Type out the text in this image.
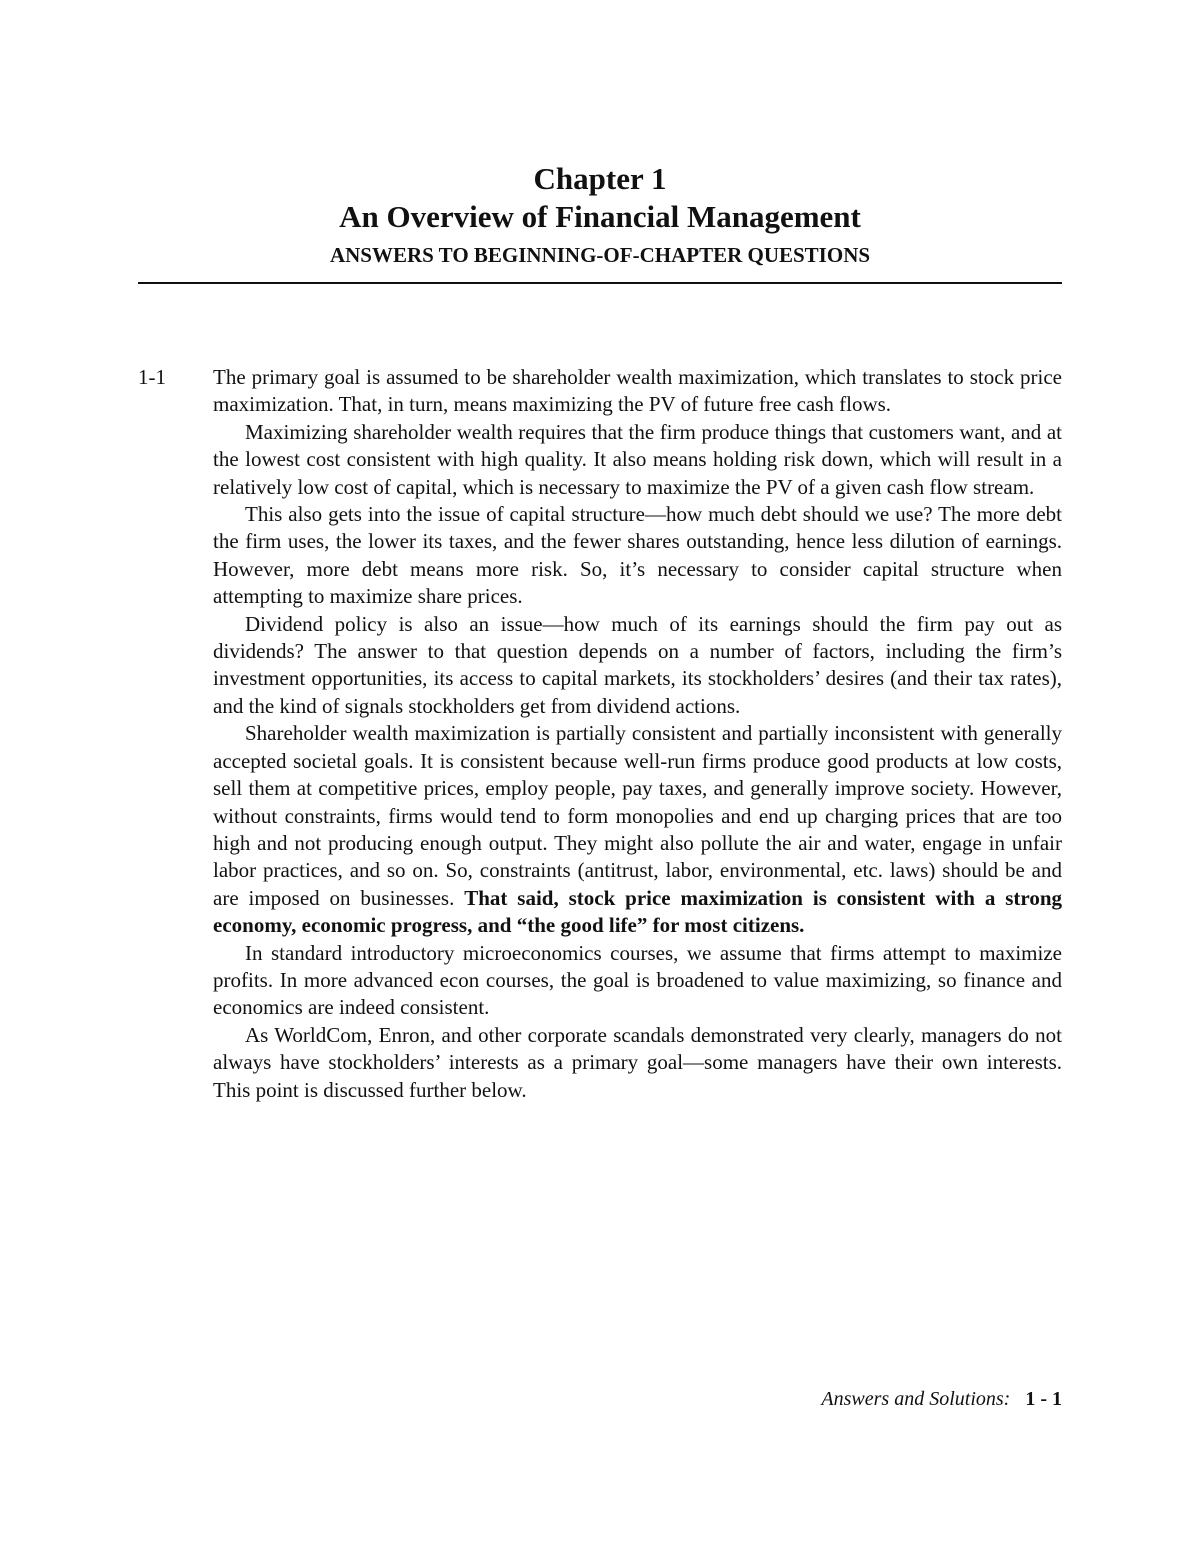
Chapter 1
An Overview of Financial Management
ANSWERS TO BEGINNING-OF-CHAPTER QUESTIONS
1-1	The primary goal is assumed to be shareholder wealth maximization, which translates to stock price maximization. That, in turn, means maximizing the PV of future free cash flows.

Maximizing shareholder wealth requires that the firm produce things that customers want, and at the lowest cost consistent with high quality. It also means holding risk down, which will result in a relatively low cost of capital, which is necessary to maximize the PV of a given cash flow stream.

This also gets into the issue of capital structure—how much debt should we use? The more debt the firm uses, the lower its taxes, and the fewer shares outstanding, hence less dilution of earnings. However, more debt means more risk. So, it’s necessary to consider capital structure when attempting to maximize share prices.

Dividend policy is also an issue—how much of its earnings should the firm pay out as dividends? The answer to that question depends on a number of factors, including the firm’s investment opportunities, its access to capital markets, its stockholders’ desires (and their tax rates), and the kind of signals stockholders get from dividend actions.

Shareholder wealth maximization is partially consistent and partially inconsistent with generally accepted societal goals. It is consistent because well-run firms produce good products at low costs, sell them at competitive prices, employ people, pay taxes, and generally improve society. However, without constraints, firms would tend to form monopolies and end up charging prices that are too high and not producing enough output. They might also pollute the air and water, engage in unfair labor practices, and so on. So, constraints (antitrust, labor, environmental, etc. laws) should be and are imposed on businesses. That said, stock price maximization is consistent with a strong economy, economic progress, and “the good life” for most citizens.

In standard introductory microeconomics courses, we assume that firms attempt to maximize profits. In more advanced econ courses, the goal is broadened to value maximizing, so finance and economics are indeed consistent.

As WorldCom, Enron, and other corporate scandals demonstrated very clearly, managers do not always have stockholders’ interests as a primary goal—some managers have their own interests. This point is discussed further below.

Answers and Solutions: 1 - 1
